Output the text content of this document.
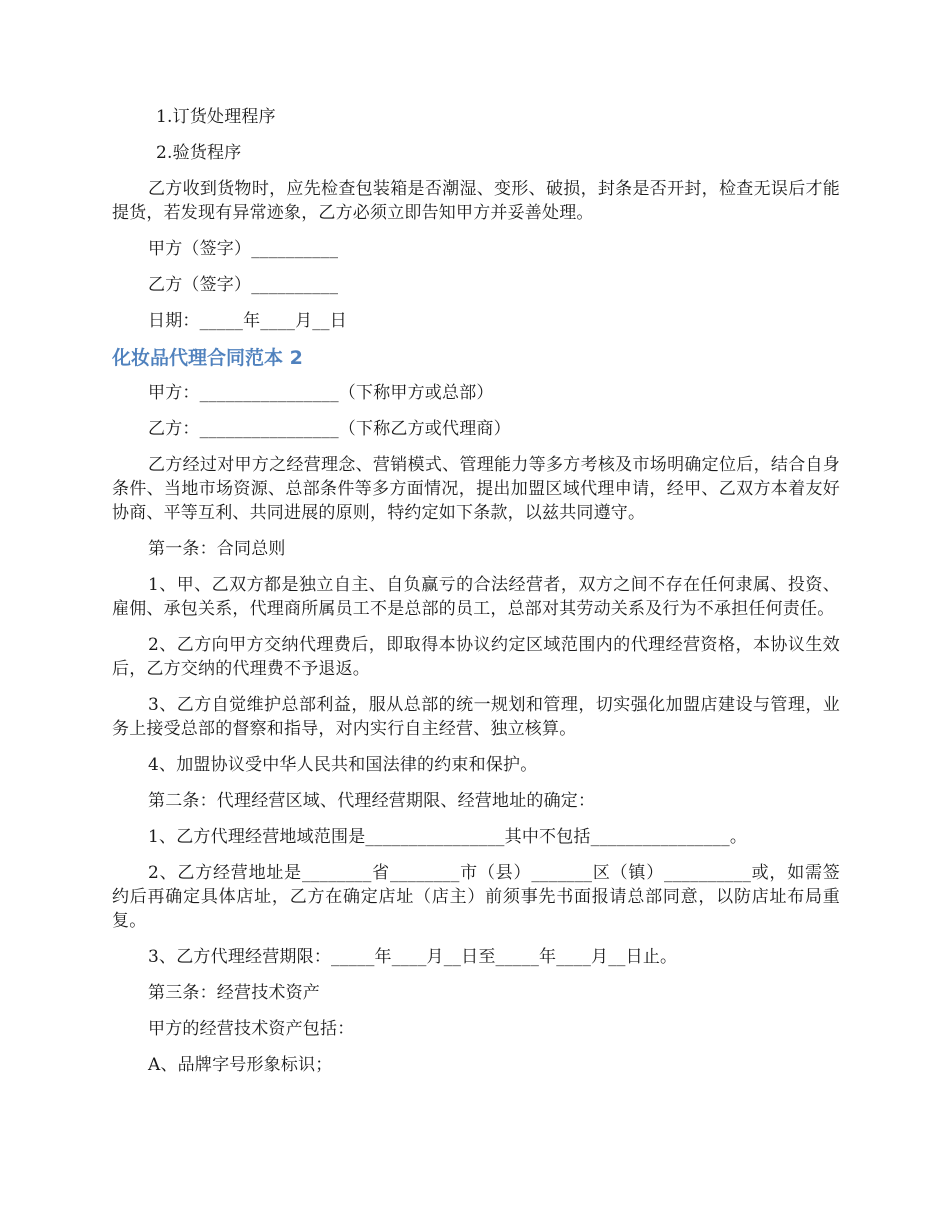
1.订货处理程序

2.验货程序

乙方收到货物时，应先检查包装箱是否潮湿、变形、破损，封条是否开封，检查无误后才能提货，若发现有异常迹象，乙方必须立即告知甲方并妥善处理。

甲方（签字）__________

乙方（签字）__________

日期：_____年____月__日

化妆品代理合同范本 2

甲方：________________（下称甲方或总部）

乙方：________________（下称乙方或代理商）

乙方经过对甲方之经营理念、营销模式、管理能力等多方考核及市场明确定位后，结合自身条件、当地市场资源、总部条件等多方面情况，提出加盟区域代理申请，经甲、乙双方本着友好协商、平等互利、共同进展的原则，特约定如下条款，以兹共同遵守。

第一条：合同总则

1、甲、乙双方都是独立自主、自负赢亏的合法经营者，双方之间不存在任何隶属、投资、雇佣、承包关系，代理商所属员工不是总部的员工，总部对其劳动关系及行为不承担任何责任。

2、乙方向甲方交纳代理费后，即取得本协议约定区域范围内的代理经营资格，本协议生效后，乙方交纳的代理费不予退返。

3、乙方自觉维护总部利益，服从总部的统一规划和管理，切实强化加盟店建设与管理，业务上接受总部的督察和指导，对内实行自主经营、独立核算。

4、加盟协议受中华人民共和国法律的约束和保护。

第二条：代理经营区域、代理经营期限、经营地址的确定：

1、乙方代理经营地域范围是________________其中不包括________________。

2、乙方经营地址是________省________市（县）_______区（镇）__________或，如需签约后再确定具体店址，乙方在确定店址（店主）前须事先书面报请总部同意，以防店址布局重复。

3、乙方代理经营期限：_____年____月__日至_____年____月__日止。

第三条：经营技术资产

甲方的经营技术资产包括：

A、品牌字号形象标识；
